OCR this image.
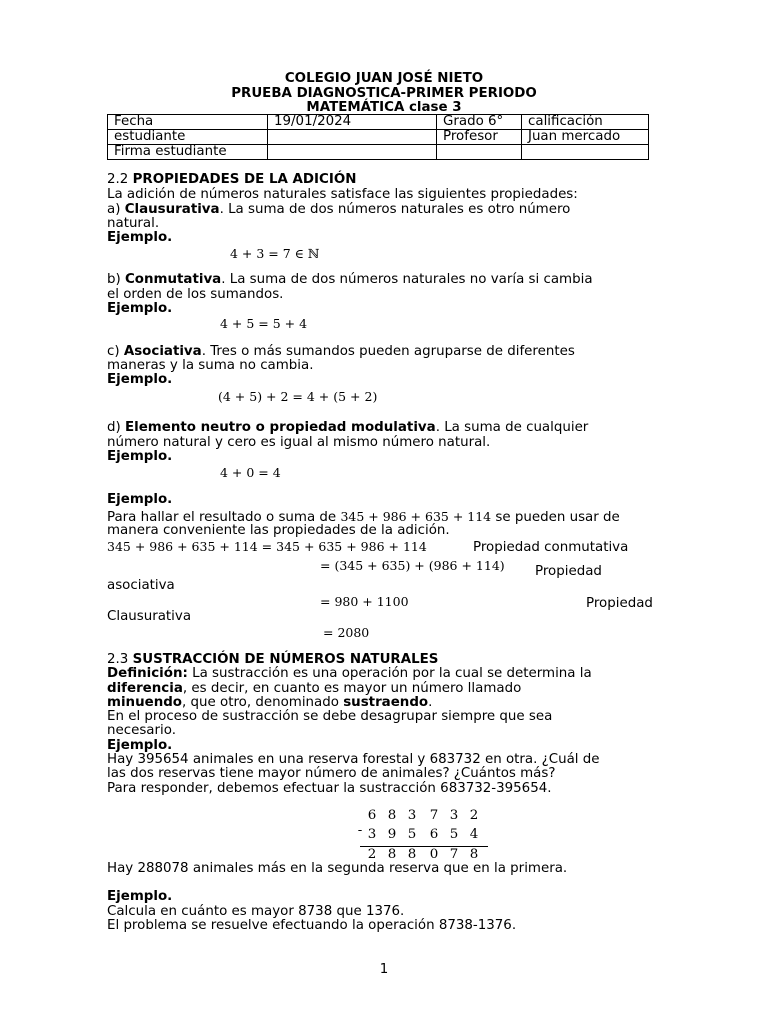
COLEGIO JUAN JOSÉ NIETO
PRUEBA DIAGNOSTICA-PRIMER PERIODO
MATEMÁTICA clase 3
Fecha	19/01/2024	Grado 6°	calificación
estudiante		Profesor	Juan mercado
Firma estudiante			
2.2 PROPIEDADES DE LA ADICIÓN
La adición de números naturales satisface las siguientes propiedades:
a) Clausurativa. La suma de dos números naturales es otro número
natural.
Ejemplo.
4 + 3 = 7 ∈ ℕ
b) Conmutativa. La suma de dos números naturales no varía si cambia
el orden de los sumandos.
Ejemplo.
4 + 5 = 5 + 4
c) Asociativa. Tres o más sumandos pueden agruparse de diferentes
maneras y la suma no cambia.
Ejemplo.
(4 + 5) + 2 = 4 + (5 + 2)
d) Elemento neutro o propiedad modulativa. La suma de cualquier
número natural y cero es igual al mismo número natural.
Ejemplo.
4 + 0 = 4
Ejemplo.
Para hallar el resultado o suma de 345 + 986 + 635 + 114 se pueden usar de
manera conveniente las propiedades de la adición.
345 + 986 + 635 + 114 = 345 + 635 + 986 + 114	Propiedad conmutativa
= (345 + 635) + (986 + 114) Propiedad
asociativa
= 980 + 1100	Propiedad
Clausurativa
= 2080
2.3 SUSTRACCIÓN DE NÚMEROS NATURALES
Definición: La sustracción es una operación por la cual se determina la
diferencia, es decir, en cuanto es mayor un número llamado
minuendo, que otro, denominado sustraendo.
En el proceso de sustracción se debe desagrupar siempre que sea
necesario.
Ejemplo.
Hay 395654 animales en una reserva forestal y 683732 en otra. ¿Cuál de
las dos reservas tiene mayor número de animales? ¿Cuántos más?
Para responder, debemos efectuar la sustracción 683732-395654.
6 8 3	7 3 2
- 3 9 5	6 5 4
2 8 8	0 7 8
Hay 288078 animales más en la segunda reserva que en la primera.
Ejemplo.
Calcula en cuánto es mayor 8738 que 1376.
El problema se resuelve efectuando la operación 8738-1376.
1
